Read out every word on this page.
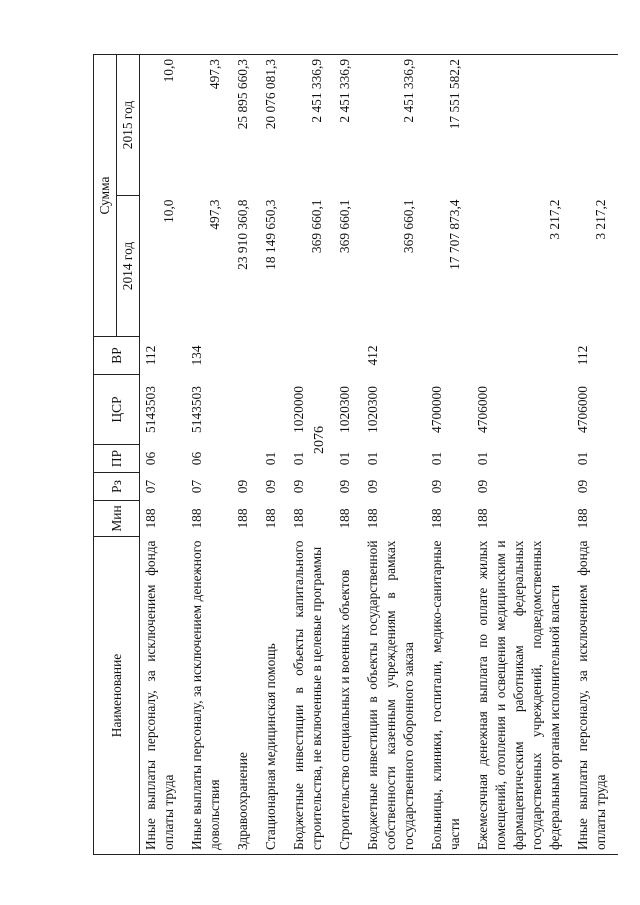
2076
Наименование	Мин	Рз	ПР	ЦСР	ВР	Сумма	
						2014 год	2015 год
Иные выплаты персоналу, за исключением фонда оплаты труда	188	07	06	5143503	112	10,0	10,0

Иные выплаты персоналу, за исключением денежного довольствия	188	07	06	5143503	134	497,3	497,3

Здравоохранение	188	09				23 910 360,8	25 895 660,3

Стационарная медицинская помощь	188	09	01			18 149 650,3	20 076 081,3

Бюджетные инвестиции в объекты капитального строительства, не включенные в целевые программы	188	09	01	1020000		369 660,1	2 451 336,9

Строительство специальных и военных объектов	188	09	01	1020300		369 660,1	2 451 336,9

Бюджетные инвестиции в объекты государственной собственности казенным учреждениям в рамках государственного оборонного заказа	188	09	01	1020300	412	369 660,1	2 451 336,9

Больницы, клиники, госпитали, медико-санитарные части	188	09	01	4700000		17 707 873,4	17 551 582,2

Ежемесячная денежная выплата по оплате жилых помещений, отопления и освещения медицинским и фармацевтическим работникам федеральных государственных учреждений, подведомственных федеральным органам исполнительной власти	188	09	01	4706000		3 217,2	

Иные выплаты персоналу, за исключением фонда оплаты труда	188	09	01	4706000	112	3 217,2	
